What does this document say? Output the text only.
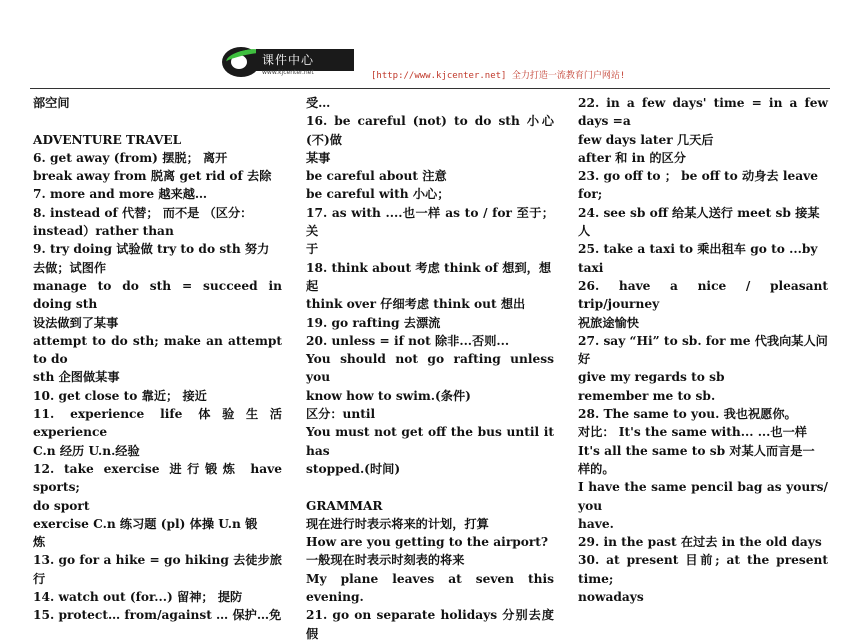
课件中心
www.kjcenter.net	[http://www.kjcenter.net] 全力打造一流教育门户网站!
部空间
ADVENTURE TRAVEL
6. get away (from) 摆脱； 离开
break away from 脱离 get rid of 去除
7. more and more 越来越…
8. instead of 代替； 而不是 （区分：
instead）rather than
9. try doing 试验做 try to do sth 努力
去做；试图作
manage to do sth = succeed in doing sth
设法做到了某事
attempt to do sth; make an attempt to do
sth 企图做某事
10. get close to 靠近； 接近
11. experience life 体验生活 experience
C.n 经历 U.n.经验
12. take exercise 进行锻炼 have sports;
do sport
exercise C.n 练习题 (pl) 体操 U.n 锻
炼
13. go for a hike = go hiking 去徒步旅行
14. watch out (for...) 留神； 提防
15. protect… from/against … 保护…免
受…
16. be careful (not) to do sth 小心(不)做
某事
be careful about 注意
be careful with 小心；
17. as with ....也一样 as to / for 至于；关
于
18. think about 考虑 think of 想到，想
起
think over 仔细考虑 think out 想出
19. go rafting 去漂流
20. unless = if not 除非...否则...
You should not go rafting unless you
know how to swim.(条件)
区分：until
You must not get off the bus until it has
stopped.(时间)
GRAMMAR
现在进行时表示将来的计划，打算
How are you getting to the airport?
一般现在时表示时刻表的将来
My plane leaves at seven this evening.
21. go on separate holidays 分别去度假
22. in a few days' time = in a few days =a
few days later 几天后
after 和 in 的区分
23. go off to ； be off to 动身去 leave
for;
24. see sb off 给某人送行 meet sb 接某
人
25. take a taxi to 乘出租车 go to ...by
taxi
26. have a nice / pleasant trip/journey
祝旅途愉快
27. say “Hi” to sb. for me 代我向某人问
好
give my regards to sb
remember me to sb.
28. The same to you. 我也祝愿你。
对比： It's the same with... ...也一样
It's all the same to sb 对某人而言是一
样的。
I have the same pencil bag as yours/ you
have.
29. in the past 在过去 in the old days
30. at present 目前; at the present time;
nowadays
